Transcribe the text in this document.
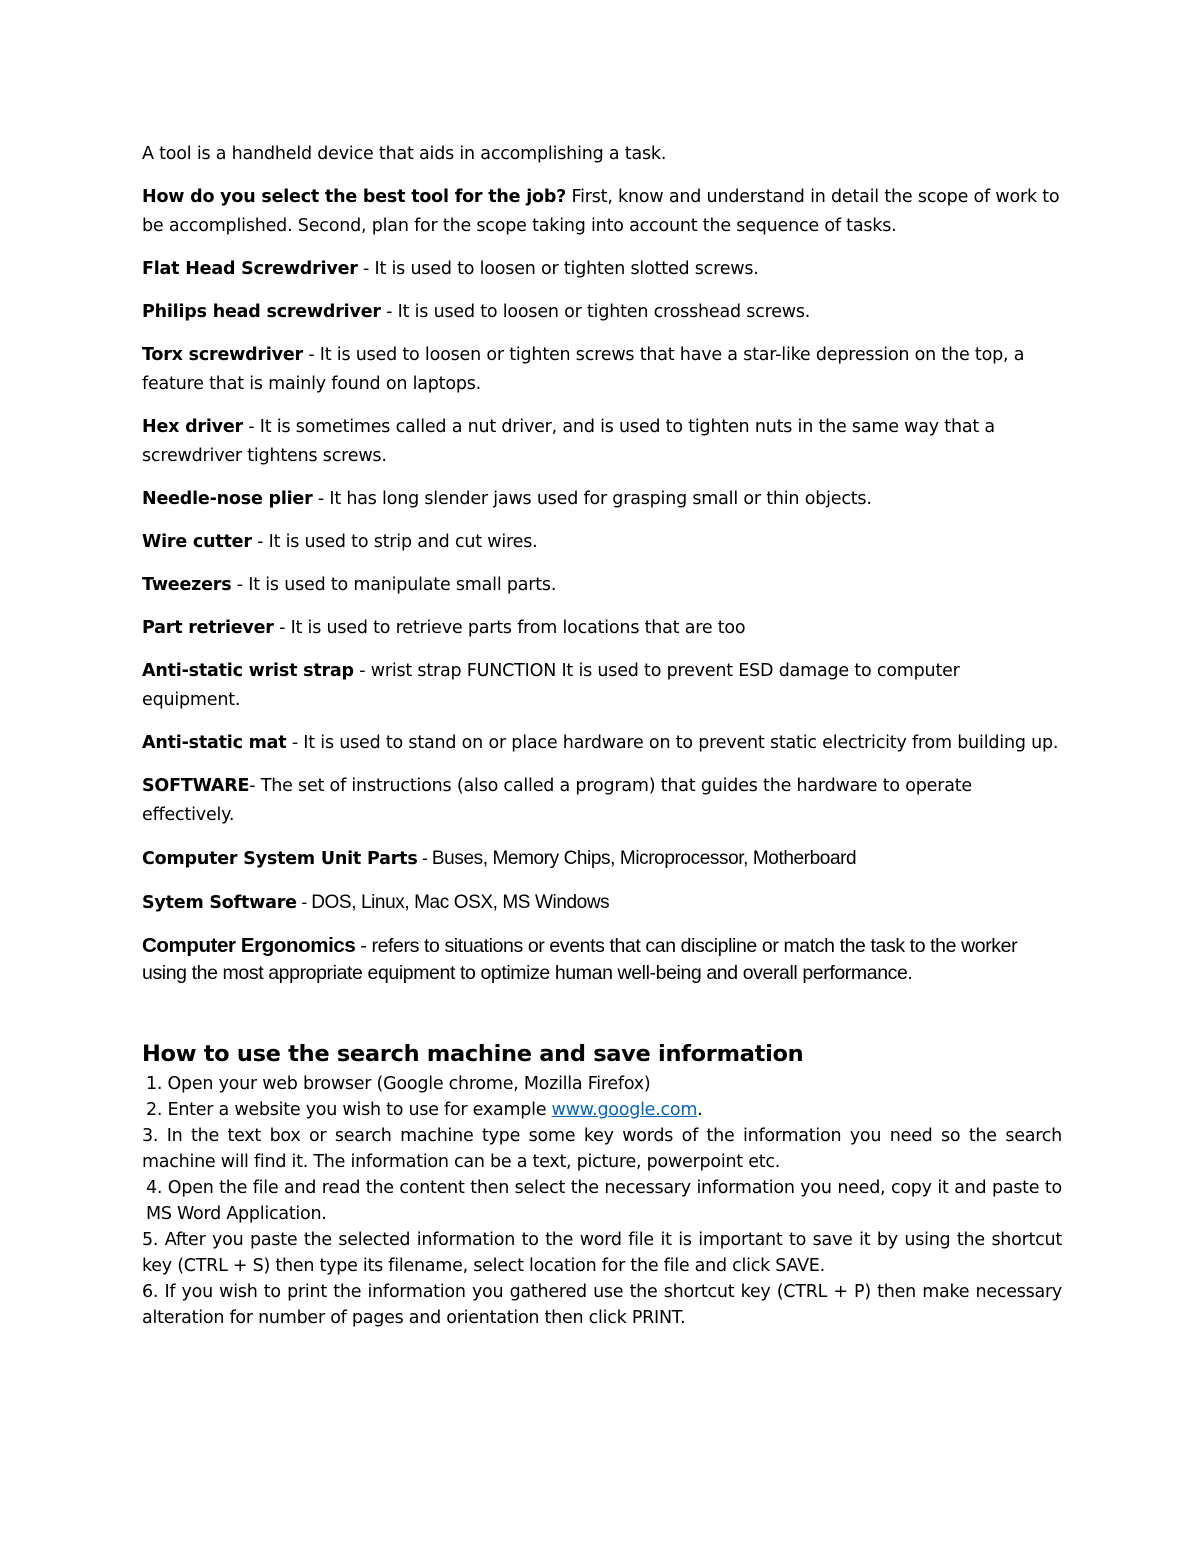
A tool is a handheld device that aids in accomplishing a task.

How do you select the best tool for the job? First, know and understand in detail the scope of work to be accomplished. Second, plan for the scope taking into account the sequence of tasks.

Flat Head Screwdriver - It is used to loosen or tighten slotted screws.

Philips head screwdriver - It is used to loosen or tighten crosshead screws.

Torx screwdriver - It is used to loosen or tighten screws that have a star-like depression on the top, a feature that is mainly found on laptops.

Hex driver - It is sometimes called a nut driver, and is used to tighten nuts in the same way that a screwdriver tightens screws.

Needle-nose plier - It has long slender jaws used for grasping small or thin objects.

Wire cutter - It is used to strip and cut wires.

Tweezers - It is used to manipulate small parts.

Part retriever - It is used to retrieve parts from locations that are too

Anti-static wrist strap - wrist strap FUNCTION It is used to prevent ESD damage to computer equipment.

Anti-static mat - It is used to stand on or place hardware on to prevent static electricity from building up.

SOFTWARE- The set of instructions (also called a program) that guides the hardware to operate effectively.

Computer System Unit Parts - Buses, Memory Chips, Microprocessor, Motherboard

Sytem Software - DOS, Linux, Mac OSX, MS Windows

Computer Ergonomics - refers to situations or events that can discipline or match the task to the worker using the most appropriate equipment to optimize human well-being and overall performance.

How to use the search machine and save information
1. Open your web browser (Google chrome, Mozilla Firefox)
2. Enter a website you wish to use for example www.google.com.
3. In the text box or search machine type some key words of the information you need so the search machine will find it. The information can be a text, picture, powerpoint etc.
4. Open the file and read the content then select the necessary information you need, copy it and paste to MS Word Application.
5. After you paste the selected information to the word file it is important to save it by using the shortcut key (CTRL + S) then type its filename, select location for the file and click SAVE.
6. If you wish to print the information you gathered use the shortcut key (CTRL + P) then make necessary alteration for number of pages and orientation then click PRINT.
